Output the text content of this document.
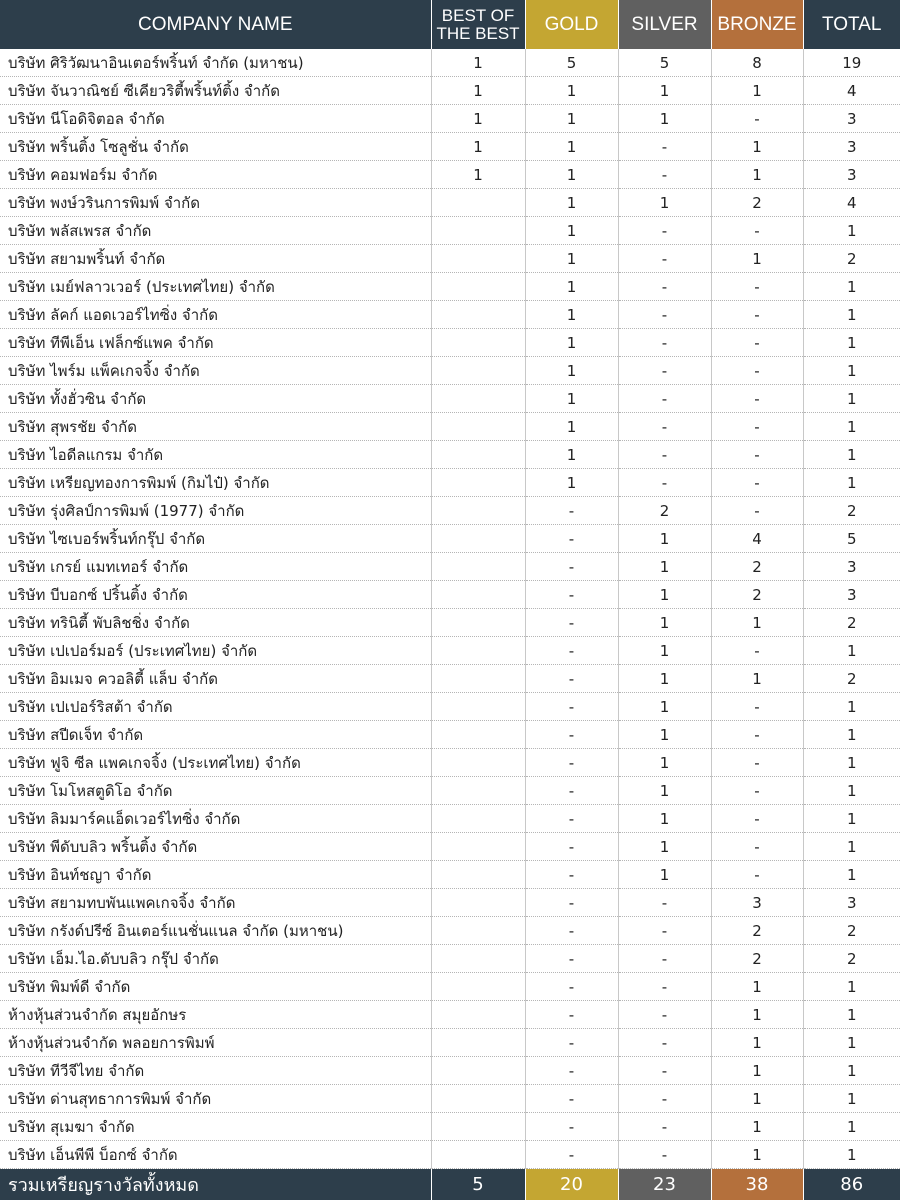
COMPANY NAME	BEST OF THE BEST	GOLD	SILVER	BRONZE	TOTAL
บริษัท ศิริวัฒนาอินเตอร์พริ้นท์ จำกัด (มหาชน)	1	5	5	8	19
บริษัท จันวาณิชย์ ซีเคียวริตี้พริ้นท์ติ้ง จำกัด	1	1	1	1	4
บริษัท นีโอดิจิตอล จำกัด	1	1	1	-	3
บริษัท พริ้นติ้ง โซลูชั่น จำกัด	1	1	-	1	3
บริษัท คอมฟอร์ม จำกัด	1	1	-	1	3
บริษัท พงษ์วรินการพิมพ์ จำกัด		1	1	2	4
บริษัท พลัสเพรส จำกัด		1	-	-	1
บริษัท สยามพริ้นท์ จำกัด		1	-	1	2
บริษัท เมย์ฟลาวเวอร์ (ประเทศไทย) จำกัด		1	-	-	1
บริษัท ลัคก์ แอดเวอร์ไทซิ่ง จำกัด		1	-	-	1
บริษัท ทีพีเอ็น เฟล็กซ์แพค จำกัด		1	-	-	1
บริษัท ไพร์ม แพ็คเกจจิ้ง จำกัด		1	-	-	1
บริษัท ทั้งฮั่วซิน จำกัด		1	-	-	1
บริษัท สุพรชัย จำกัด		1	-	-	1
บริษัท ไอดีลแกรม จำกัด		1	-	-	1
บริษัท เหรียญทองการพิมพ์ (กิมไป๋) จำกัด		1	-	-	1
บริษัท รุ่งศิลป์การพิมพ์ (1977) จำกัด		-	2	-	2
บริษัท ไซเบอร์พริ้นท์กรุ๊ป จำกัด		-	1	4	5
บริษัท เกรย์ แมทเทอร์ จำกัด		-	1	2	3
บริษัท บีบอกซ์ ปริ้นติ้ง จำกัด		-	1	2	3
บริษัท ทรินิตี้ พับลิชชิ่ง จำกัด		-	1	1	2
บริษัท เปเปอร์มอร์ (ประเทศไทย) จำกัด		-	1	-	1
บริษัท อิมเมจ ควอลิตี้ แล็บ จำกัด		-	1	1	2
บริษัท เปเปอร์ริสต้า จำกัด		-	1	-	1
บริษัท สปีดเจ็ท จำกัด		-	1	-	1
บริษัท ฟูจิ ซีล แพคเกจจิ้ง (ประเทศไทย) จำกัด		-	1	-	1
บริษัท โมโหสตูดิโอ จำกัด		-	1	-	1
บริษัท ลิมมาร์คแอ็ดเวอร์ไทซิ่ง จำกัด		-	1	-	1
บริษัท พีดับบลิว พริ้นติ้ง จำกัด		-	1	-	1
บริษัท อินท์ชญา จำกัด		-	1	-	1
บริษัท สยามทบพันแพคเกจจิ้ง จำกัด		-	-	3	3
บริษัท กรังด์ปรีซ์ อินเตอร์แนชั่นแนล จำกัด (มหาชน)		-	-	2	2
บริษัท เอ็ม.ไอ.ดับบลิว กรุ๊ป จำกัด		-	-	2	2
บริษัท พิมพ์ดี จำกัด		-	-	1	1
ห้างหุ้นส่วนจำกัด สมุยอักษร		-	-	1	1
ห้างหุ้นส่วนจำกัด พลอยการพิมพ์		-	-	1	1
บริษัท ทีวีจีไทย จำกัด		-	-	1	1
บริษัท ด่านสุทธาการพิมพ์ จำกัด		-	-	1	1
บริษัท สุเมฆา จำกัด		-	-	1	1
บริษัท เอ็นพีพี บ็อกซ์ จำกัด		-	-	1	1
รวมเหรียญรางวัลทั้งหมด	5	20	23	38	86
